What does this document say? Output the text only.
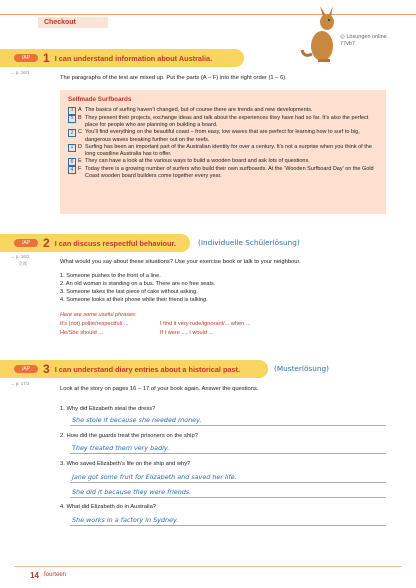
Checkout
◎ Lösungen online
77vb7
/AP	1 I can understand information about Australia.
→ p. 16/1
The paragraphs of the text are mixed up. Put the parts (A – F) into the right order (1 – 6).
Selfmade Surfboards
3 A The basics of surfing haven’t changed, but of course there are trends and new developments.
5 B They present their projects, exchange ideas and talk about the experiences they have had so far. It’s also the perfect place for people who are planning on building a board.
2 C You’ll find everything on the beautiful coast – from easy, low waves that are perfect for learning how to surf to big, dangerous waves breaking further out on the reefs.
1 D Surfing has been an important part of the Australian identity for over a century. It’s not a surprise when you think of the long coastline Australia has to offer.
6 E They can have a look at the various ways to build a wooden board and ask lots of questions.
4 F Today there is a growing number of surfers who build their own surfboards. At the ‘Wooden Surfboard Day’ on the Gold Coast wooden board builders come together every year.
/AP	2 I can discuss respectful behaviour.	(Individuelle Schülerlösung)
→ p. 16/2
交流	What would you say about these situations? Use your exercise book or talk to your neighbour.
1. Someone pushes to the front of a line.
2. An old woman is standing on a bus. There are no free seats.
3. Someone takes the last piece of cake without asking.
4. Someone looks at their phone while their friend is talking.
Here are some useful phrases:
It’s (not) polite/respectful/ ...	I find it very rude/ignorant/... when ...
He/She should ...	If I were ..., I would ...
/AP	3 I can understand diary entries about a historical past.	(Musterlösung)
→ p. 17/3
Look at the story on pages 16 – 17 of your book again. Answer the questions.
1. Why did Elizabeth steal the dress?
She stole it because she needed money.
2. How did the guards treat the prisoners on the ship?
They treated them very badly.
3. Who saved Elizabeth’s life on the ship and why?
Jane got some fruit for Elizabeth and saved her life.
She did it because they were friends.
4. What did Elizabeth do in Australia?
She works in a factory in Sydney.
14 fourteen
